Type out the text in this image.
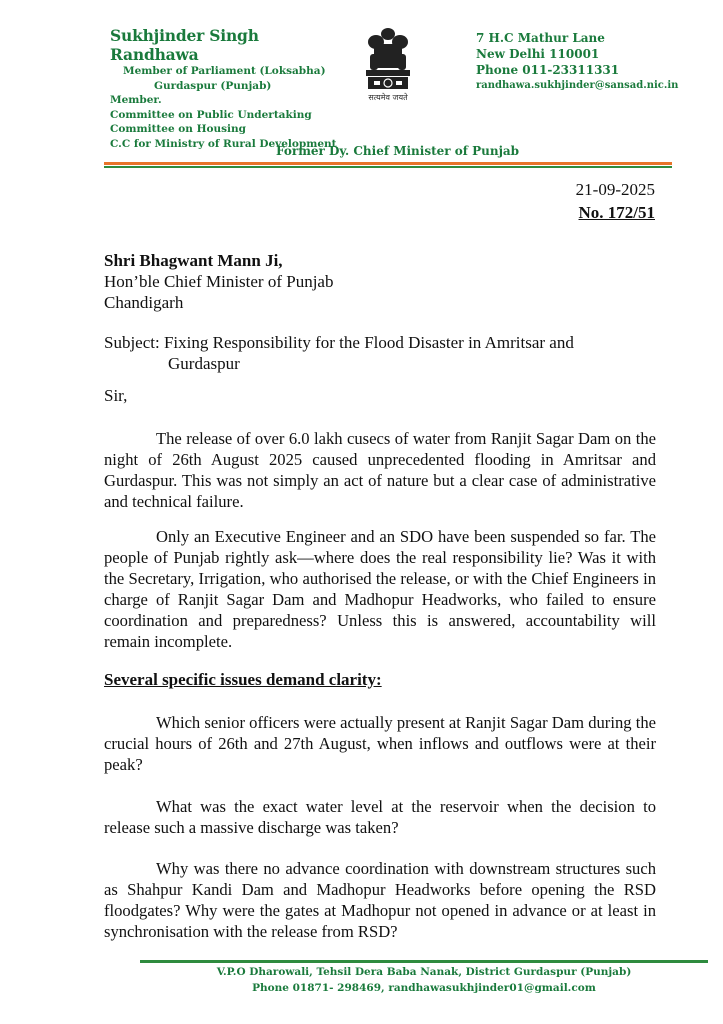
Sukhjinder Singh Randhawa
Member of Parliament (Loksabha)
Gurdaspur (Punjab)
Member.
Committee on Public Undertaking
Committee on Housing
C.C for Ministry of Rural Development
सत्यमेव जयते
7 H.C Mathur Lane
New Delhi 110001
Phone 011-23311331
randhawa.sukhjinder@sansad.nic.in
Former Dy. Chief Minister of Punjab
21-09-2025
No. 172/51
Shri Bhagwant Mann Ji,
Hon’ble Chief Minister of Punjab
Chandigarh
Subject: Fixing Responsibility for the Flood Disaster in Amritsar and
Gurdaspur
Sir,

The release of over 6.0 lakh cusecs of water from Ranjit Sagar Dam on the night of 26th August 2025 caused unprecedented flooding in Amritsar and Gurdaspur. This was not simply an act of nature but a clear case of administrative and technical failure.

Only an Executive Engineer and an SDO have been suspended so far. The people of Punjab rightly ask—where does the real responsibility lie? Was it with the Secretary, Irrigation, who authorised the release, or with the Chief Engineers in charge of Ranjit Sagar Dam and Madhopur Headworks, who failed to ensure coordination and preparedness? Unless this is answered, accountability will remain incomplete.

Several specific issues demand clarity:

Which senior officers were actually present at Ranjit Sagar Dam during the crucial hours of 26th and 27th August, when inflows and outflows were at their peak?

What was the exact water level at the reservoir when the decision to release such a massive discharge was taken?

Why was there no advance coordination with downstream structures such as Shahpur Kandi Dam and Madhopur Headworks before opening the RSD floodgates? Why were the gates at Madhopur not opened in advance or at least in synchronisation with the release from RSD?

V.P.O Dharowali, Tehsil Dera Baba Nanak, District Gurdaspur (Punjab)
Phone 01871- 298469, randhawasukhjinder01@gmail.com
